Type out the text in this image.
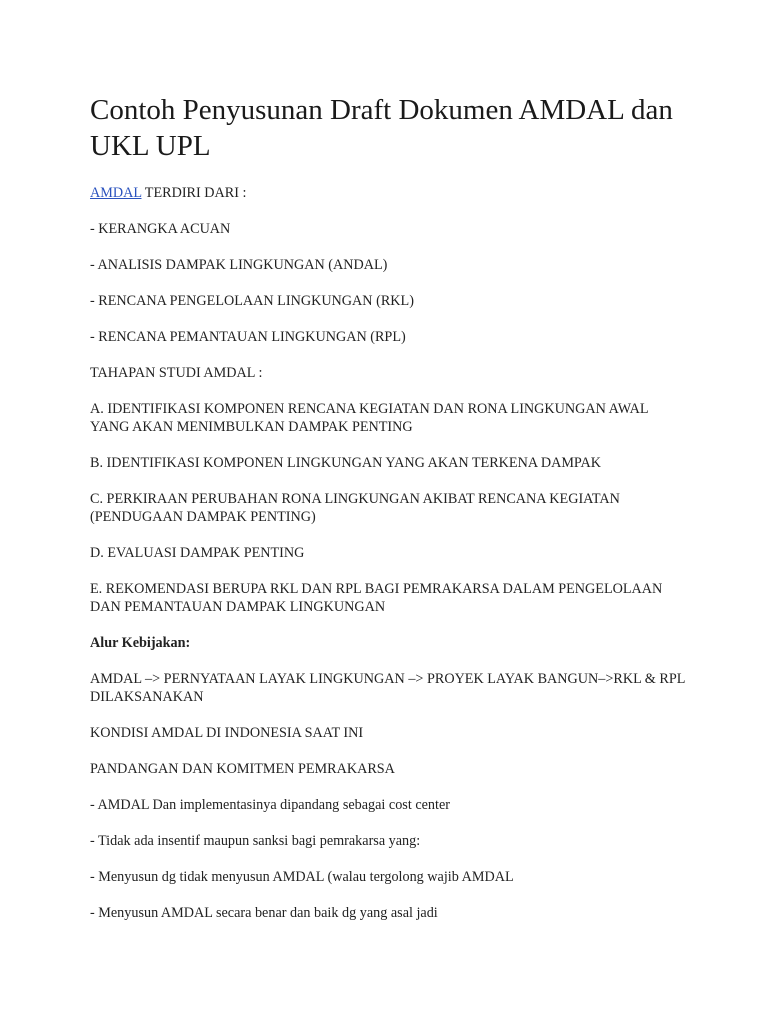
Contoh Penyusunan Draft Dokumen AMDAL dan UKL UPL

AMDAL TERDIRI DARI :

- KERANGKA ACUAN

- ANALISIS DAMPAK LINGKUNGAN (ANDAL)

- RENCANA PENGELOLAAN LINGKUNGAN (RKL)

- RENCANA PEMANTAUAN LINGKUNGAN (RPL)

TAHAPAN STUDI AMDAL :

A. IDENTIFIKASI KOMPONEN RENCANA KEGIATAN DAN RONA LINGKUNGAN AWAL YANG AKAN MENIMBULKAN DAMPAK PENTING

B. IDENTIFIKASI KOMPONEN LINGKUNGAN YANG AKAN TERKENA DAMPAK

C. PERKIRAAN PERUBAHAN RONA LINGKUNGAN AKIBAT RENCANA KEGIATAN (PENDUGAAN DAMPAK PENTING)

D. EVALUASI DAMPAK PENTING

E. REKOMENDASI BERUPA RKL DAN RPL BAGI PEMRAKARSA DALAM PENGELOLAAN DAN PEMANTAUAN DAMPAK LINGKUNGAN

Alur Kebijakan:

AMDAL –> PERNYATAAN LAYAK LINGKUNGAN –> PROYEK LAYAK BANGUN–>RKL & RPL DILAKSANAKAN

KONDISI AMDAL DI INDONESIA SAAT INI

PANDANGAN DAN KOMITMEN PEMRAKARSA

- AMDAL Dan implementasinya dipandang sebagai cost center

- Tidak ada insentif maupun sanksi bagi pemrakarsa yang:

- Menyusun dg tidak menyusun AMDAL (walau tergolong wajib AMDAL

- Menyusun AMDAL secara benar dan baik dg yang asal jadi
